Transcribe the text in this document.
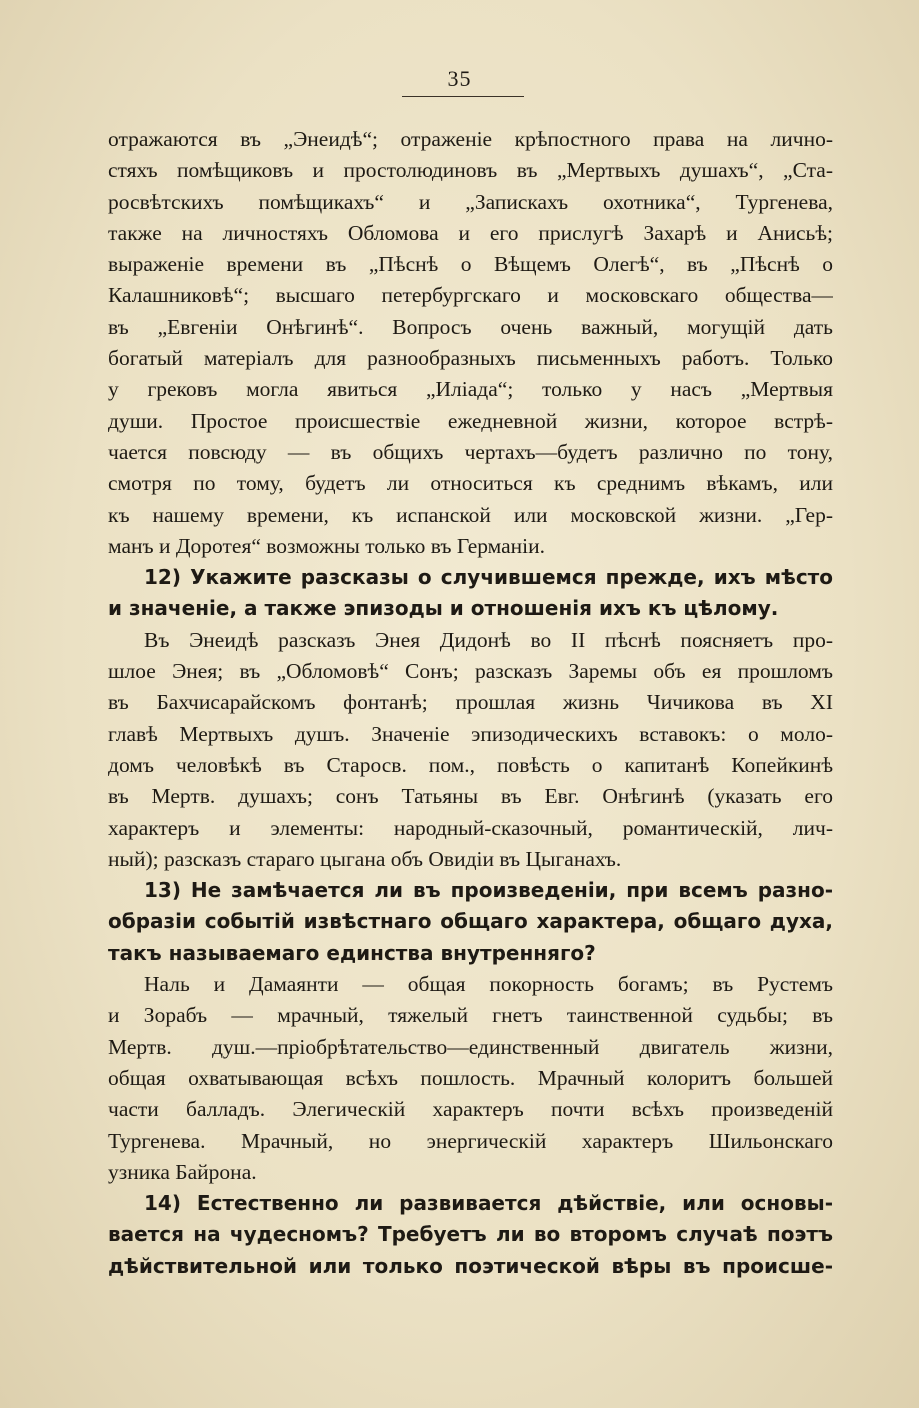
35
отражаются въ „Энеидѣ“; отраженіе крѣпостного права на лично-
стяхъ помѣщиковъ и простолюдиновъ въ „Мертвыхъ душахъ“, „Ста-
росвѣтскихъ помѣщикахъ“ и „Запискахъ охотника“, Тургенева,
также на личностяхъ Обломова и его прислугѣ Захарѣ и Анисьѣ;
выраженіе времени въ „Пѣснѣ о Вѣщемъ Олегѣ“, въ „Пѣснѣ о
Калашниковѣ“; высшаго петербургскаго и московскаго общества—
въ „Евгеніи Онѣгинѣ“. Вопросъ очень важный, могущій дать
богатый матеріалъ для разнообразныхъ письменныхъ работъ. Только
у грековъ могла явиться „Иліада“; только у насъ „Мертвыя
души. Простое происшествіе ежедневной жизни, которое встрѣ-
чается повсюду — въ общихъ чертахъ—будетъ различно по тону,
смотря по тому, будетъ ли относиться къ среднимъ вѣкамъ, или
къ нашему времени, къ испанской или московской жизни. „Гер-
манъ и Доротея“ возможны только въ Германіи.
12) Укажите разсказы о случившемся прежде, ихъ мѣсто
и значеніе, а также эпизоды и отношенія ихъ къ цѣлому.
Въ Энеидѣ разсказъ Энея Дидонѣ во II пѣснѣ поясняетъ про-
шлое Энея; въ „Обломовѣ“ Сонъ; разсказъ Заремы объ ея прошломъ
въ Бахчисарайскомъ фонтанѣ; прошлая жизнь Чичикова въ XI
главѣ Мертвыхъ душъ. Значеніе эпизодическихъ вставокъ: о моло-
домъ человѣкѣ въ Старосв. пом., повѣсть о капитанѣ Копейкинѣ
въ Мертв. душахъ; сонъ Татьяны въ Евг. Онѣгинѣ (указать его
характеръ и элементы: народный-сказочный, романтическій, лич-
ный); разсказъ стараго цыгана объ Овидіи въ Цыганахъ.
13) Не замѣчается ли въ произведеніи, при всемъ разно-
образіи событій извѣстнаго общаго характера, общаго духа,
такъ называемаго единства внутренняго?
Наль и Дамаянти — общая покорность богамъ; въ Рустемъ
и Зорабъ — мрачный, тяжелый гнетъ таинственной судьбы; въ
Мертв. душ.—пріобрѣтательство—единственный двигатель жизни,
общая охватывающая всѣхъ пошлость. Мрачный колоритъ большей
части балладъ. Элегическій характеръ почти всѣхъ произведеній
Тургенева. Мрачный, но энергическій характеръ Шильонскаго
узника Байрона.
14) Естественно ли развивается дѣйствіе, или основы-
вается на чудесномъ? Требуетъ ли во второмъ случаѣ поэтъ
дѣйствительной или только поэтической вѣры въ происше-
